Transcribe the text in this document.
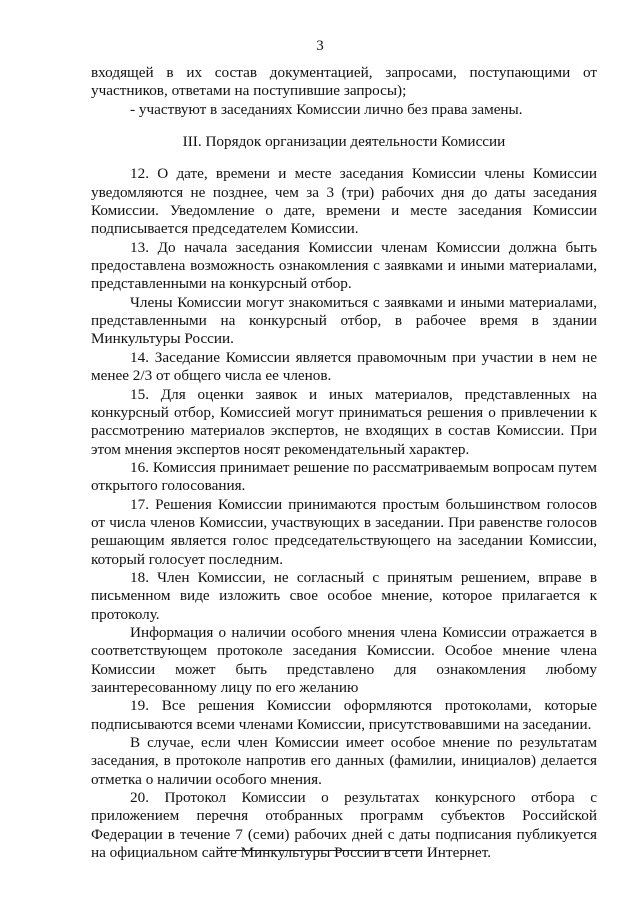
3

входящей в их состав документацией, запросами, поступающими от участников, ответами на поступившие запросы);

- участвуют в заседаниях Комиссии лично без права замены.

III. Порядок организации деятельности Комиссии

12. О дате, времени и месте заседания Комиссии члены Комиссии уведомляются не позднее, чем за 3 (три) рабочих дня до даты заседания Комиссии. Уведомление о дате, времени и месте заседания Комиссии подписывается председателем Комиссии.

13. До начала заседания Комиссии членам Комиссии должна быть предоставлена возможность ознакомления с заявками и иными материалами, представленными на конкурсный отбор.

Члены Комиссии могут знакомиться с заявками и иными материалами, представленными на конкурсный отбор, в рабочее время в здании Минкультуры России.

14. Заседание Комиссии является правомочным при участии в нем не менее 2/3 от общего числа ее членов.

15. Для оценки заявок и иных материалов, представленных на конкурсный отбор, Комиссией могут приниматься решения о привлечении к рассмотрению материалов экспертов, не входящих в состав Комиссии. При этом мнения экспертов носят рекомендательный характер.

16. Комиссия принимает решение по рассматриваемым вопросам путем открытого голосования.

17. Решения Комиссии принимаются простым большинством голосов от числа членов Комиссии, участвующих в заседании. При равенстве голосов решающим является голос председательствующего на заседании Комиссии, который голосует последним.

18. Член Комиссии, не согласный с принятым решением, вправе в письменном виде изложить свое особое мнение, которое прилагается к протоколу.

Информация о наличии особого мнения члена Комиссии отражается в соответствующем протоколе заседания Комиссии. Особое мнение члена Комиссии может быть представлено для ознакомления любому заинтересованному лицу по его желанию

19. Все решения Комиссии оформляются протоколами, которые подписываются всеми членами Комиссии, присутствовавшими на заседании.

В случае, если член Комиссии имеет особое мнение по результатам заседания, в протоколе напротив его данных (фамилии, инициалов) делается отметка о наличии особого мнения.

20. Протокол Комиссии о результатах конкурсного отбора с приложением перечня отобранных программ субъектов Российской Федерации в течение 7 (семи) рабочих дней с даты подписания публикуется на официальном сайте Минкультуры России в сети Интернет.
